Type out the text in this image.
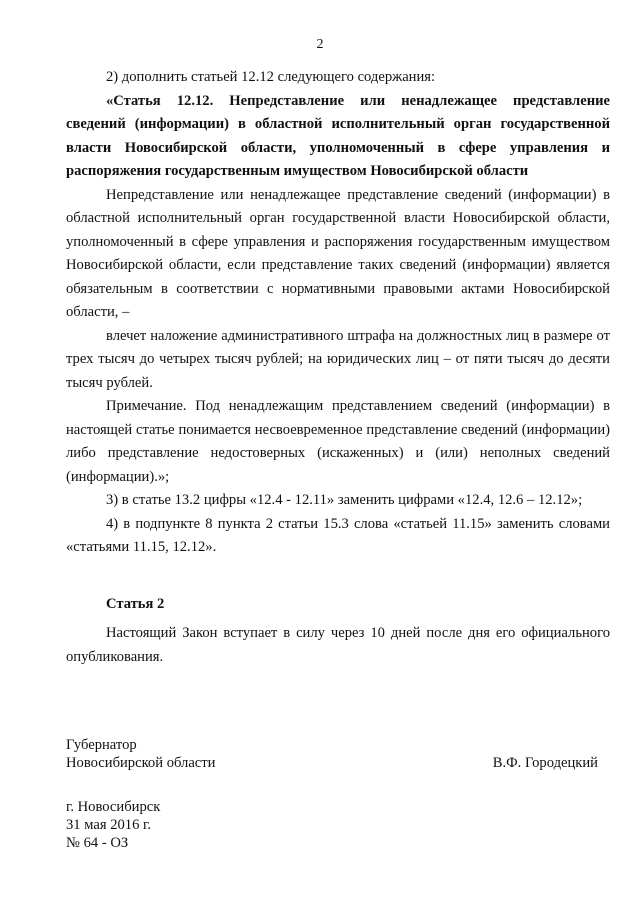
2

2) дополнить статьей 12.12 следующего содержания:

«Статья 12.12. Непредставление или ненадлежащее представление сведений (информации) в областной исполнительный орган государственной власти Новосибирской области, уполномоченный в сфере управления и распоряжения государственным имуществом Новосибирской области

Непредставление или ненадлежащее представление сведений (информации) в областной исполнительный орган государственной власти Новосибирской области, уполномоченный в сфере управления и распоряжения государственным имуществом Новосибирской области, если представление таких сведений (информации) является обязательным в соответствии с нормативными правовыми актами Новосибирской области, –

влечет наложение административного штрафа на должностных лиц в размере от трех тысяч до четырех тысяч рублей; на юридических лиц – от пяти тысяч до десяти тысяч рублей.

Примечание. Под ненадлежащим представлением сведений (информации) в настоящей статье понимается несвоевременное представление сведений (информации) либо представление недостоверных (искаженных) и (или) неполных сведений (информации).»;

3) в статье 13.2 цифры «12.4 - 12.11» заменить цифрами «12.4, 12.6 – 12.12»;

4) в подпункте 8 пункта 2 статьи 15.3 слова «статьей 11.15» заменить словами «статьями 11.15, 12.12».

Статья 2

Настоящий Закон вступает в силу через 10 дней после дня его официального опубликования.

Губернатор
Новосибирской области	В.Ф. Городецкий
г. Новосибирск
31 мая 2016 г.
№ 64 - ОЗ
